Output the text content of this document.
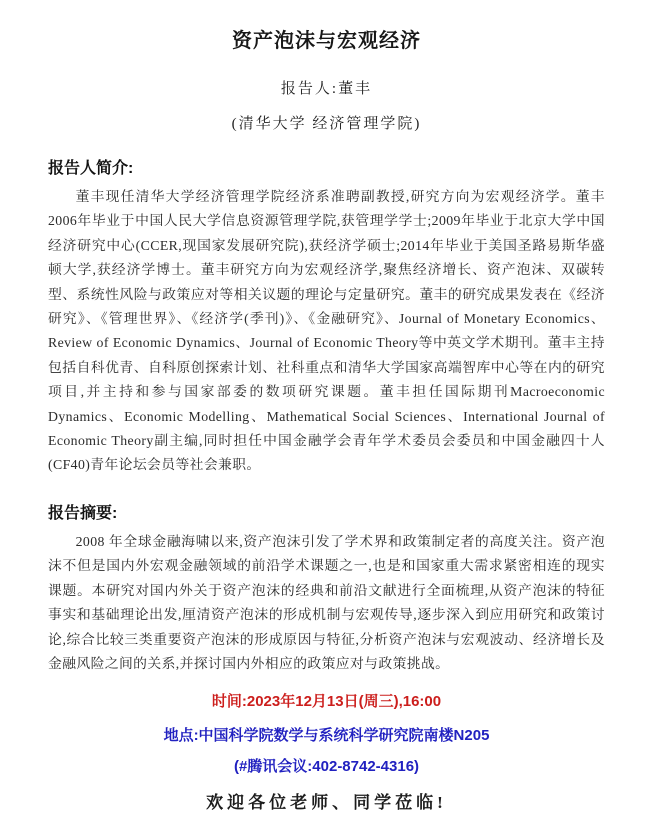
资产泡沫与宏观经济
报告人:董丰
(清华大学 经济管理学院)
报告人简介:

董丰现任清华大学经济管理学院经济系准聘副教授,研究方向为宏观经济学。董丰2006年毕业于中国人民大学信息资源管理学院,获管理学学士;2009年毕业于北京大学中国经济研究中心(CCER,现国家发展研究院),获经济学硕士;2014年毕业于美国圣路易斯华盛顿大学,获经济学博士。董丰研究方向为宏观经济学,聚焦经济增长、资产泡沫、双碳转型、系统性风险与政策应对等相关议题的理论与定量研究。董丰的研究成果发表在《经济研究》、《管理世界》、《经济学(季刊)》、《金融研究》、Journal of Monetary Economics、Review of Economic Dynamics、Journal of Economic Theory等中英文学术期刊。董丰主持包括自科优青、自科原创探索计划、社科重点和清华大学国家高端智库中心等在内的研究项目,并主持和参与国家部委的数项研究课题。董丰担任国际期刊Macroeconomic Dynamics、Economic Modelling、Mathematical Social Sciences、International Journal of Economic Theory副主编,同时担任中国金融学会青年学术委员会委员和中国金融四十人(CF40)青年论坛会员等社会兼职。

报告摘要:

2008 年全球金融海啸以来,资产泡沫引发了学术界和政策制定者的高度关注。资产泡沫不但是国内外宏观金融领域的前沿学术课题之一,也是和国家重大需求紧密相连的现实课题。本研究对国内外关于资产泡沫的经典和前沿文献进行全面梳理,从资产泡沫的特征事实和基础理论出发,厘清资产泡沫的形成机制与宏观传导,逐步深入到应用研究和政策讨论,综合比较三类重要资产泡沫的形成原因与特征,分析资产泡沫与宏观波动、经济增长及金融风险之间的关系,并探讨国内外相应的政策应对与政策挑战。

时间:2023年12月13日(周三),16:00
地点:中国科学院数学与系统科学研究院南楼N205
(#腾讯会议:402-8742-4316)
欢迎各位老师、同学莅临!
